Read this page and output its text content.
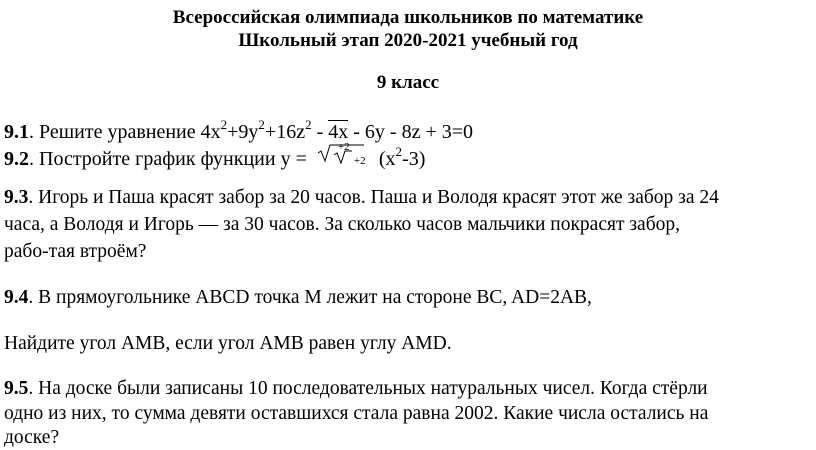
Всероссийская олимпиада школьников по математике
Школьный этап 2020-2021 учебный год
9 класс
9.1. Решите уравнение $4x^2+9y^2+16z^2 - 4x - 6y - 8z + 3=0$
9.2. Постройте график функции у =
+2
+2 $(x^2-3)$
9.3. Игорь и Паша красят забор за 20 часов. Паша и Володя красят этот же забор за 24
часа, а Володя и Игорь — за 30 часов. За сколько часов мальчики покрасят забор,
рабо-тая втроём?
9.4. В прямоугольнике ABCD точка M лежит на стороне BC, AD=2AB,
Найдите угол AMB, если угол AMB равен углу AMD.
9.5. На доске были записаны 10 последовательных натуральных чисел. Когда стёрли
одно из них, то сумма девяти оставшихся стала равна 2002. Какие числа остались на
доске?
